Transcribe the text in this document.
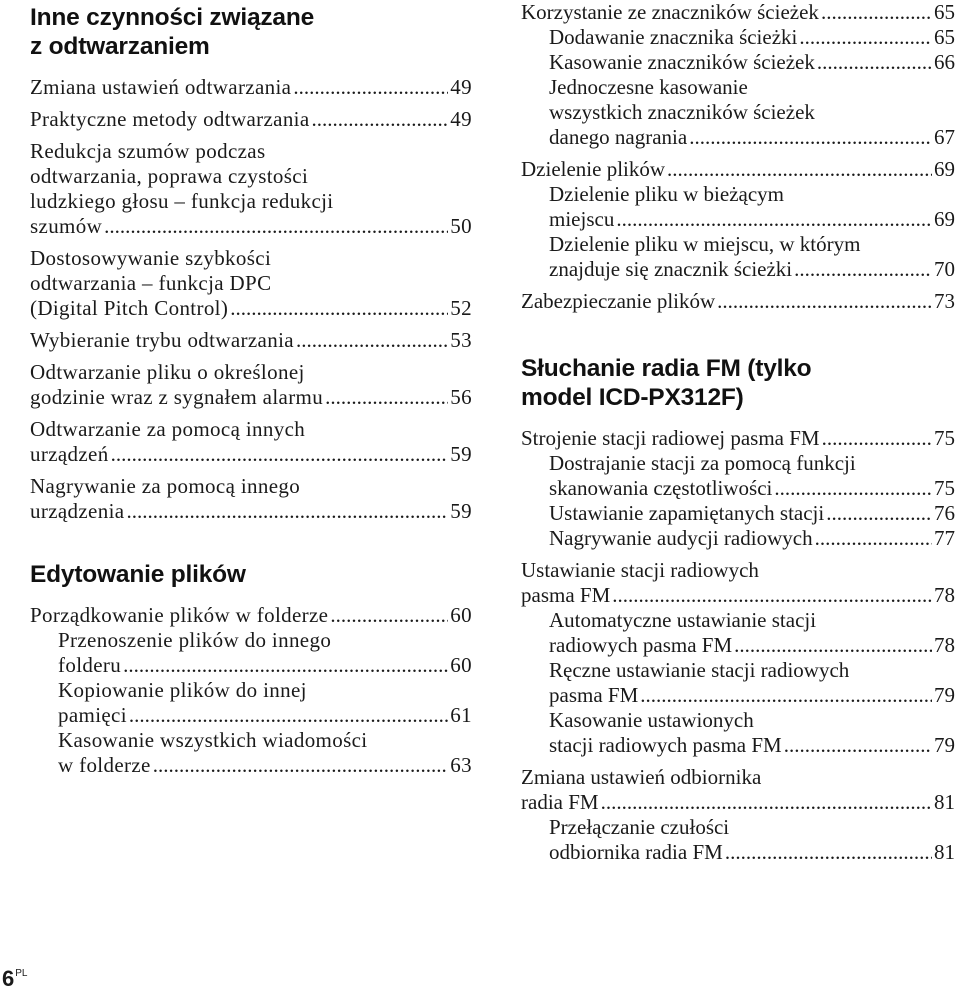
Inne czynności związane
z odtwarzaniem
Zmiana ustawień odtwarzania .....	49
Praktyczne metody odtwarzania .....	49
Redukcja szumów podczas
odtwarzania, poprawa czystości
ludzkiego głosu – funkcja redukcji
szumów .....	50
Dostosowywanie szybkości
odtwarzania – funkcja DPC
(Digital Pitch Control) .....	52
Wybieranie trybu odtwarzania .....	53
Odtwarzanie pliku o określonej
godzinie wraz z sygnałem alarmu .....	56
Odtwarzanie za pomocą innych
urządzeń .....	59
Nagrywanie za pomocą innego
urządzenia .....	59
Edytowanie plików
Porządkowanie plików w folderze .....	60
Przenoszenie plików do innego
folderu .....	60
Kopiowanie plików do innej
pamięci .....	61
Kasowanie wszystkich wiadomości
w folderze .....	63
Korzystanie ze znaczników ścieżek .....	65
Dodawanie znacznika ścieżki .....	65
Kasowanie znaczników ścieżek .....	66
Jednoczesne kasowanie
wszystkich znaczników ścieżek
danego nagrania .....	67
Dzielenie plików .....	69
Dzielenie pliku w bieżącym
miejscu .....	69
Dzielenie pliku w miejscu, w którym
znajduje się znacznik ścieżki .....	70
Zabezpieczanie plików .....	73
Słuchanie radia FM (tylko
model ICD-PX312F)
Strojenie stacji radiowej pasma FM .....	75
Dostrajanie stacji za pomocą funkcji
skanowania częstotliwości .....	75
Ustawianie zapamiętanych stacji .....	76
Nagrywanie audycji radiowych .....	77
Ustawianie stacji radiowych
pasma FM .....	78
Automatyczne ustawianie stacji
radiowych pasma FM .....	78
Ręczne ustawianie stacji radiowych
pasma FM .....	79
Kasowanie ustawionych
stacji radiowych pasma FM .....	79
Zmiana ustawień odbiornika
radia FM .....	81
Przełączanie czułości
odbiornika radia FM .....	81
$6^{PL}$
